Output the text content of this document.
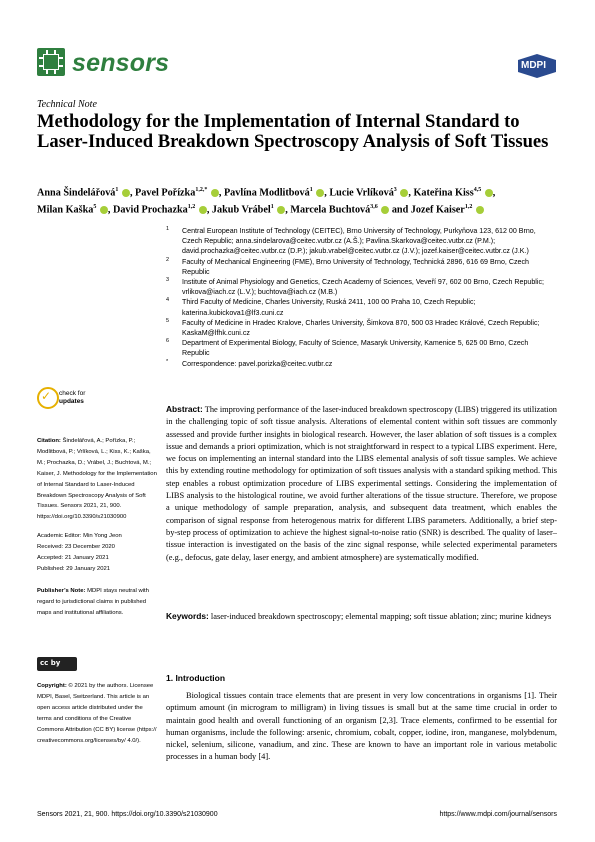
sensors	MDPI
Technical Note
Methodology for the Implementation of Internal Standard to Laser-Induced Breakdown Spectroscopy Analysis of Soft Tissues
Anna Šindelářová$^1$ , Pavel Pořízka$^{1,2,*}$ , Pavlína Modlitbová$^1$ , Lucie Vrlíková$^3$ , Kateřina Kiss$^{4,5}$ ,
Milan Kaška$^5$ , David Prochazka$^{1,2}$ , Jakub Vrábel$^1$ , Marcela Buchtová$^{3,6}$  and Jozef Kaiser$^{1,2}$
1 Central European Institute of Technology (CEITEC), Brno University of Technology, Purkyňova 123, 612 00 Brno, Czech Republic; anna.sindelarova@ceitec.vutbr.cz (A.Š.); Pavlina.Skarkova@ceitec.vutbr.cz (P.M.); david.prochazka@ceitec.vutbr.cz (D.P.); jakub.vrabel@ceitec.vutbr.cz (J.V.); jozef.kaiser@ceitec.vutbr.cz (J.K.)
2 Faculty of Mechanical Engineering (FME), Brno University of Technology, Technická 2896, 616 69 Brno, Czech Republic
3 Institute of Animal Physiology and Genetics, Czech Academy of Sciences, Veveří 97, 602 00 Brno, Czech Republic; vrlikova@iach.cz (L.V.); buchtova@iach.cz (M.B.)
4 Third Faculty of Medicine, Charles University, Ruská 2411, 100 00 Praha 10, Czech Republic; katerina.kubickova1@lf3.cuni.cz
5 Faculty of Medicine in Hradec Kralove, Charles University, Šimkova 870, 500 03 Hradec Králové, Czech Republic; KaskaM@lfhk.cuni.cz
6 Department of Experimental Biology, Faculty of Science, Masaryk University, Kamenice 5, 625 00 Brno, Czech Republic
* Correspondence: pavel.porizka@ceitec.vutbr.cz
✓ check for
updates
Citation: Šindelářová, A.; Pořízka, P.; Modlitbová, P.; Vrlíková, L.; Kiss, K.; Kaška, M.; Prochazka, D.; Vrábel, J.; Buchtová, M.; Kaiser, J. Methodology for the Implementation of Internal Standard to Laser-Induced Breakdown Spectroscopy Analysis of Soft Tissues. Sensors 2021, 21, 900. https://doi.org/10.3390/s21030900
Academic Editor: Min Yong Jeon
Received: 23 December 2020
Accepted: 21 January 2021
Published: 29 January 2021
Publisher’s Note: MDPI stays neutral with regard to jurisdictional claims in published maps and institutional affiliations.
cc by
Copyright: © 2021 by the authors. Licensee MDPI, Basel, Switzerland. This article is an open access article distributed under the terms and conditions of the Creative Commons Attribution (CC BY) license (https:// creativecommons.org/licenses/by/ 4.0/).
Abstract: The improving performance of the laser-induced breakdown spectroscopy (LIBS) triggered its utilization in the challenging topic of soft tissue analysis. Alterations of elemental content within soft tissues are commonly assessed and provide further insights in biological research. However, the laser ablation of soft tissues is a complex issue and demands a priori optimization, which is not straightforward in respect to a typical LIBS experiment. Here, we focus on implementing an internal standard into the LIBS elemental analysis of soft tissue samples. We achieve this by extending routine methodology for optimization of soft tissues analysis with a standard spiking method. This step enables a robust optimization procedure of LIBS experimental settings. Considering the implementation of LIBS analysis to the histological routine, we avoid further alterations of the tissue structure. Therefore, we propose a unique methodology of sample preparation, analysis, and subsequent data treatment, which enables the comparison of signal response from heterogenous matrix for different LIBS parameters. Additionally, a brief step-by-step process of optimization to achieve the highest signal-to-noise ratio (SNR) is described. The quality of laser–tissue interaction is investigated on the basis of the zinc signal response, while selected experimental parameters (e.g., defocus, gate delay, laser energy, and ambient atmosphere) are systematically modified.
Keywords: laser-induced breakdown spectroscopy; elemental mapping; soft tissue ablation; zinc; murine kidneys
1. Introduction
Biological tissues contain trace elements that are present in very low concentrations in organisms [1]. Their optimum amount (in microgram to milligram) in living tissues is small but at the same time crucial in order to maintain good health and overall functioning of an organism [2,3]. Trace elements, confirmed to be essential for human organisms, include the following: arsenic, chromium, cobalt, copper, iodine, iron, manganese, molybdenum, nickel, selenium, silicone, vanadium, and zinc. These are known to have an important role in various metabolic processes in a human body [4].
Sensors 2021, 21, 900. https://doi.org/10.3390/s21030900	https://www.mdpi.com/journal/sensors
